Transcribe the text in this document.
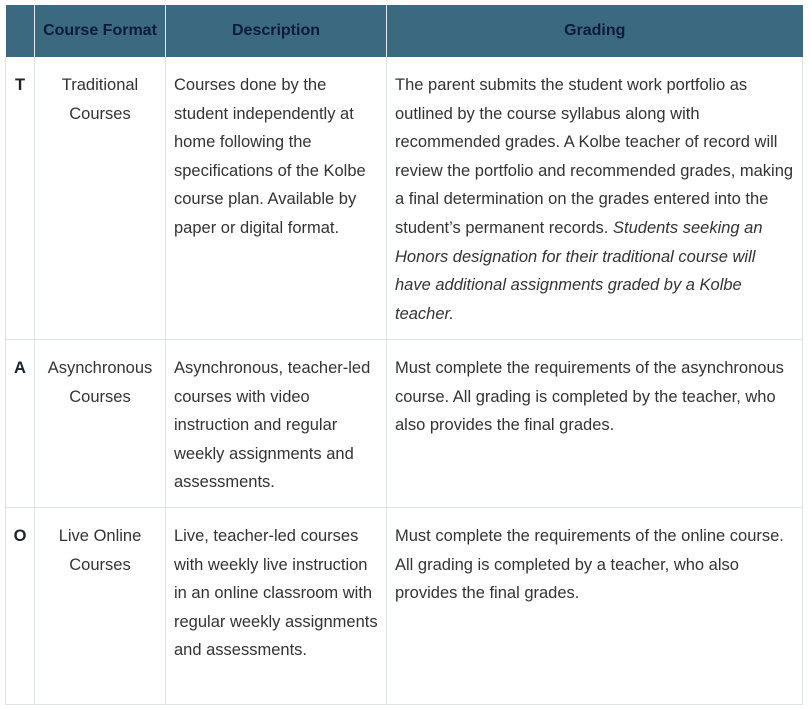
	Course Format	Description	Grading
T	Traditional Courses	Courses done by the student independently at home following the specifications of the Kolbe course plan. Available by paper or digital format.	The parent submits the student work portfolio as outlined by the course syllabus along with recommended grades. A Kolbe teacher of record will review the portfolio and recommended grades, making a final determination on the grades entered into the student’s permanent records. Students seeking an Honors designation for their traditional course will have additional assignments graded by a Kolbe teacher.
A	Asynchronous Courses	Asynchronous, teacher-led courses with video instruction and regular weekly assignments and assessments.	Must complete the requirements of the asynchronous course. All grading is completed by the teacher, who also provides the final grades.
O	Live Online Courses	Live, teacher-led courses with weekly live instruction in an online classroom with regular weekly assignments and assessments.	Must complete the requirements of the online course. All grading is completed by a teacher, who also provides the final grades.
